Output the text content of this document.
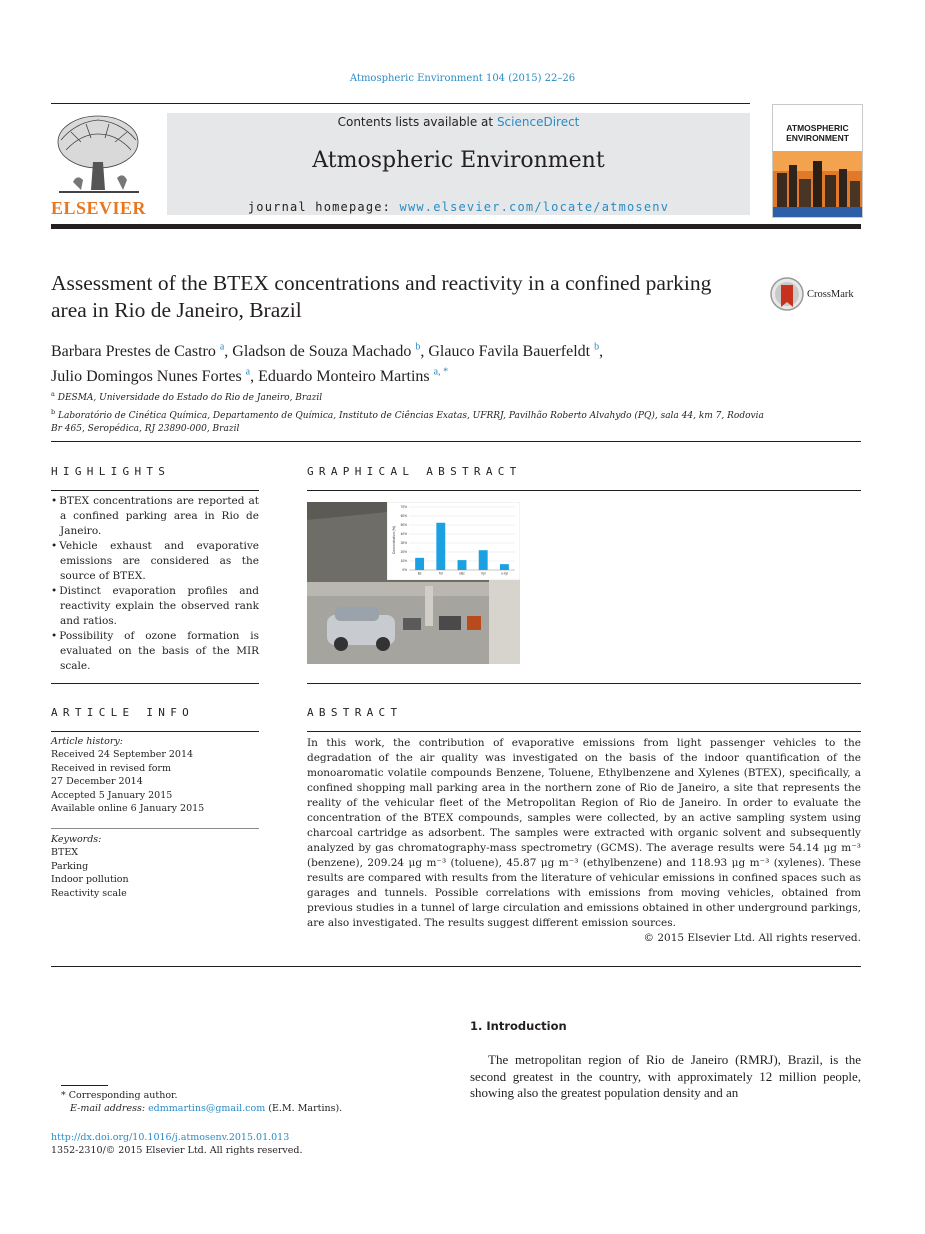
Atmospheric Environment 104 (2015) 22–26
ELSEVIER
Contents lists available at ScienceDirect
Atmospheric Environment
journal homepage: www.elsevier.com/locate/atmosenv
ATMOSPHERIC ENVIRONMENT
Assessment of the BTEX concentrations and reactivity in a confined parking area in Rio de Janeiro, Brazil
CrossMark
Barbara Prestes de Castro $^a$, Gladson de Souza Machado $^b$, Glauco Favila Bauerfeldt $^b$,
Julio Domingos Nunes Fortes $^a$, Eduardo Monteiro Martins $^{a, *}$
$^a$ DESMA, Universidade do Estado do Rio de Janeiro, Brazil
$^b$ Laboratório de Cinética Química, Departamento de Química, Instituto de Ciências Exatas, UFRRJ, Pavilhão Roberto Alvahydo (PQ), sala 44, km 7, Rodovia Br 465, Seropédica, RJ 23890-000, Brazil
HIGHLIGHTS
• BTEX concentrations are reported at a confined parking area in Rio de Janeiro.
• Vehicle exhaust and evaporative emissions are considered as the source of BTEX.
• Distinct evaporation profiles and reactivity explain the observed rank and ratios.
• Possibility of ozone formation is evaluated on the basis of the MIR scale.
GRAPHICAL ABSTRACT
0%
10%
20%
30%
40%
50%
60%
70%
Bz	Tol	eBz	Xyl	o-xyl
Concentration (%)
ARTICLE INFO
Article history:
Received 24 September 2014
Received in revised form
27 December 2014
Accepted 5 January 2015
Available online 6 January 2015
Keywords:
BTEX
Parking
Indoor pollution
Reactivity scale
ABSTRACT
In this work, the contribution of evaporative emissions from light passenger vehicles to the degradation of the air quality was investigated on the basis of the indoor quantification of the monoaromatic volatile compounds Benzene, Toluene, Ethylbenzene and Xylenes (BTEX), specifically, a confined shopping mall parking area in the northern zone of Rio de Janeiro, a site that represents the reality of the vehicular fleet of the Metropolitan Region of Rio de Janeiro. In order to evaluate the concentration of the BTEX compounds, samples were collected, by an active sampling system using charcoal cartridge as adsorbent. The samples were extracted with organic solvent and subsequently analyzed by gas chromatography-mass spectrometry (GCMS). The average results were 54.14 μg m⁻³ (benzene), 209.24 μg m⁻³ (toluene), 45.87 μg m⁻³ (ethylbenzene) and 118.93 μg m⁻³ (xylenes). These results are compared with results from the literature of vehicular emissions in confined spaces such as garages and tunnels. Possible correlations with emissions from moving vehicles, obtained from previous studies in a tunnel of large circulation and emissions obtained in other underground parkings, are also investigated. The results suggest different emission sources.
© 2015 Elsevier Ltd. All rights reserved.
1. Introduction
The metropolitan region of Rio de Janeiro (RMRJ), Brazil, is the second greatest in the country, with approximately 12 million people, showing also the greatest population density and an
* Corresponding author.
E-mail address: edmmartins@gmail.com (E.M. Martins).
http://dx.doi.org/10.1016/j.atmosenv.2015.01.013
1352-2310/© 2015 Elsevier Ltd. All rights reserved.
